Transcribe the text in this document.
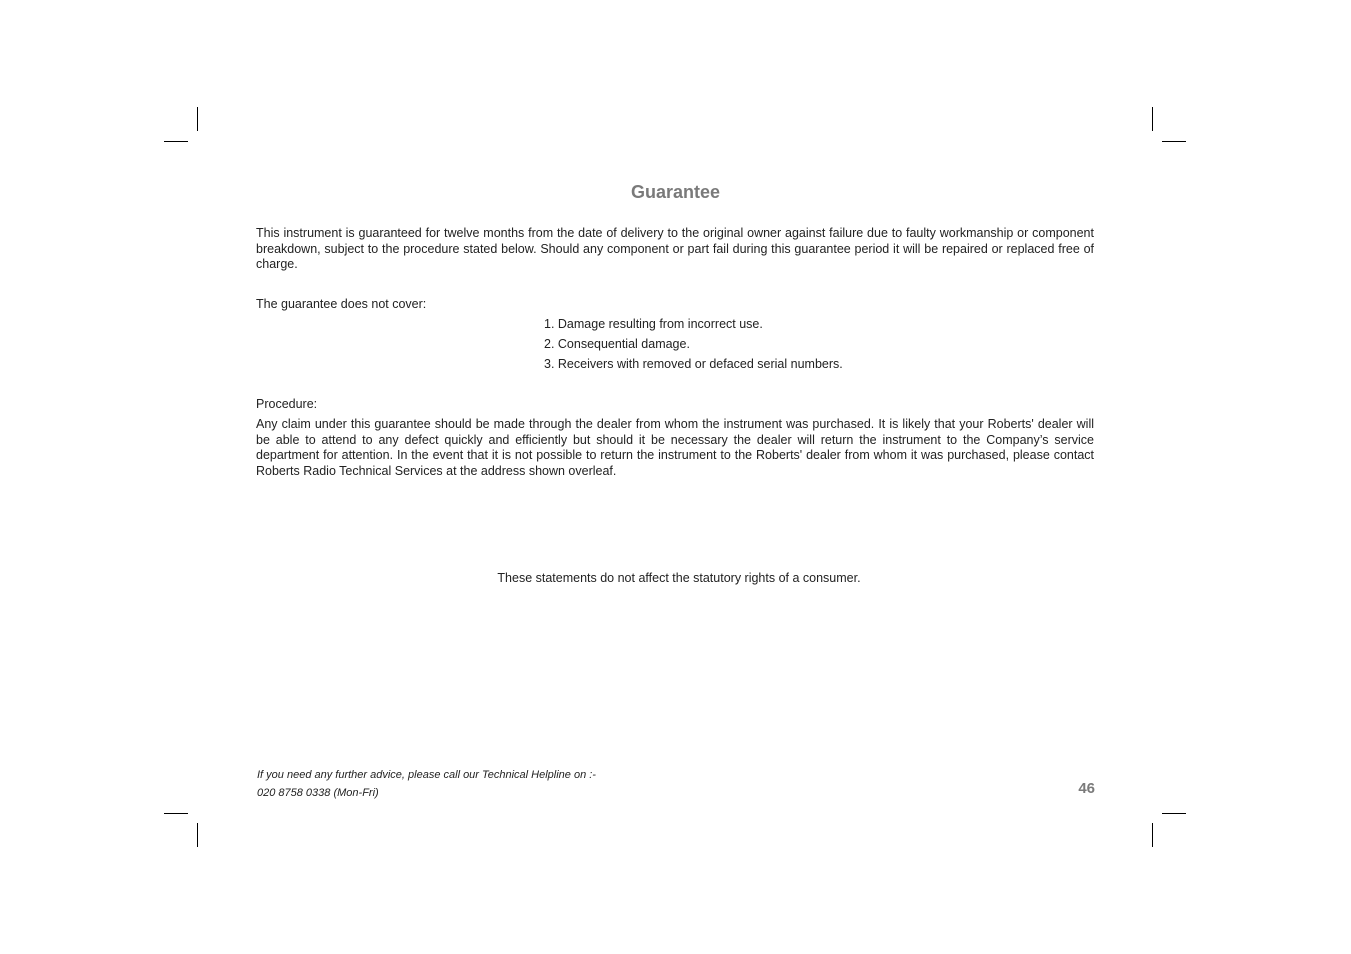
Guarantee

This instrument is guaranteed for twelve months from the date of delivery to the original owner against failure due to faulty workmanship or component breakdown, subject to the procedure stated below. Should any component or part fail during this guarantee period it will be repaired or replaced free of charge.

The guarantee does not cover:

1. Damage resulting from incorrect use.
2. Consequential damage.
3. Receivers with removed or defaced serial numbers.

Procedure:

Any claim under this guarantee should be made through the dealer from whom the instrument was purchased. It is likely that your Roberts' dealer will be able to attend to any defect quickly and efficiently but should it be necessary the dealer will return the instrument to the Company’s service department for attention. In the event that it is not possible to return the instrument to the Roberts' dealer from whom it was purchased, please contact Roberts Radio Technical Services at the address shown overleaf.

These statements do not affect the statutory rights of a consumer.

If you need any further advice, please call our Technical Helpline on :-

020 8758 0338 (Mon-Fri)	46
